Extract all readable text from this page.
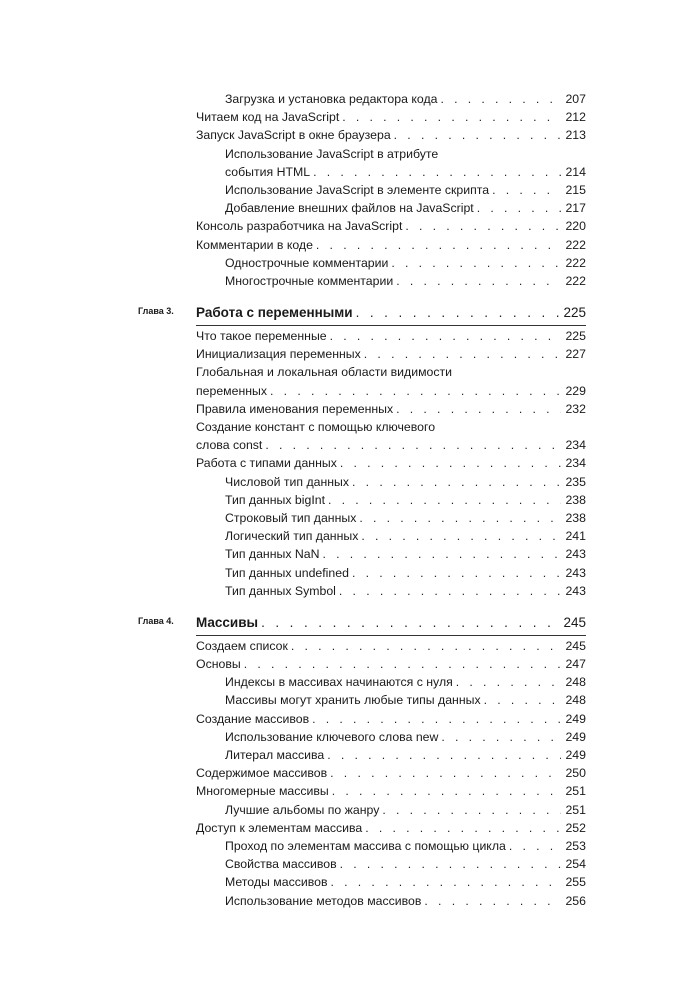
Загрузка и установка редактора кода . . .	207
Читаем код на JavaScript . . .	212
Запуск JavaScript в окне браузера . . .	213
Использование JavaScript в атрибуте
события HTML . . .	214
Использование JavaScript в элементе скрипта . . .	215
Добавление внешних файлов на JavaScript . . .	217
Консоль разработчика на JavaScript . . .	220
Комментарии в коде . . .	222
Однострочные комментарии . . .	222
Многострочные комментарии . . .	222
Глава 3. Работа с переменными . . .	225
Что такое переменные . . .	225
Инициализация переменных . . .	227
Глобальная и локальная области видимости
переменных . . .	229
Правила именования переменных . . .	232
Создание констант с помощью ключевого
слова const . . .	234
Работа с типами данных . . .	234
Числовой тип данных . . .	235
Тип данных bigInt . . .	238
Строковый тип данных . . .	238
Логический тип данных . . .	241
Тип данных NaN . . .	243
Тип данных undefined . . .	243
Тип данных Symbol . . .	243
Глава 4. Массивы . . .	245
Создаем список . . .	245
Основы . . .	247
Индексы в массивах начинаются с нуля . . .	248
Массивы могут хранить любые типы данных . . .	248
Создание массивов . . .	249
Использование ключевого слова new . . .	249
Литерал массива . . .	249
Содержимое массивов . . .	250
Многомерные массивы . . .	251
Лучшие альбомы по жанру . . .	251
Доступ к элементам массива . . .	252
Проход по элементам массива с помощью цикла . . .	253
Свойства массивов . . .	254
Методы массивов . . .	255
Использование методов массивов . . .	256
